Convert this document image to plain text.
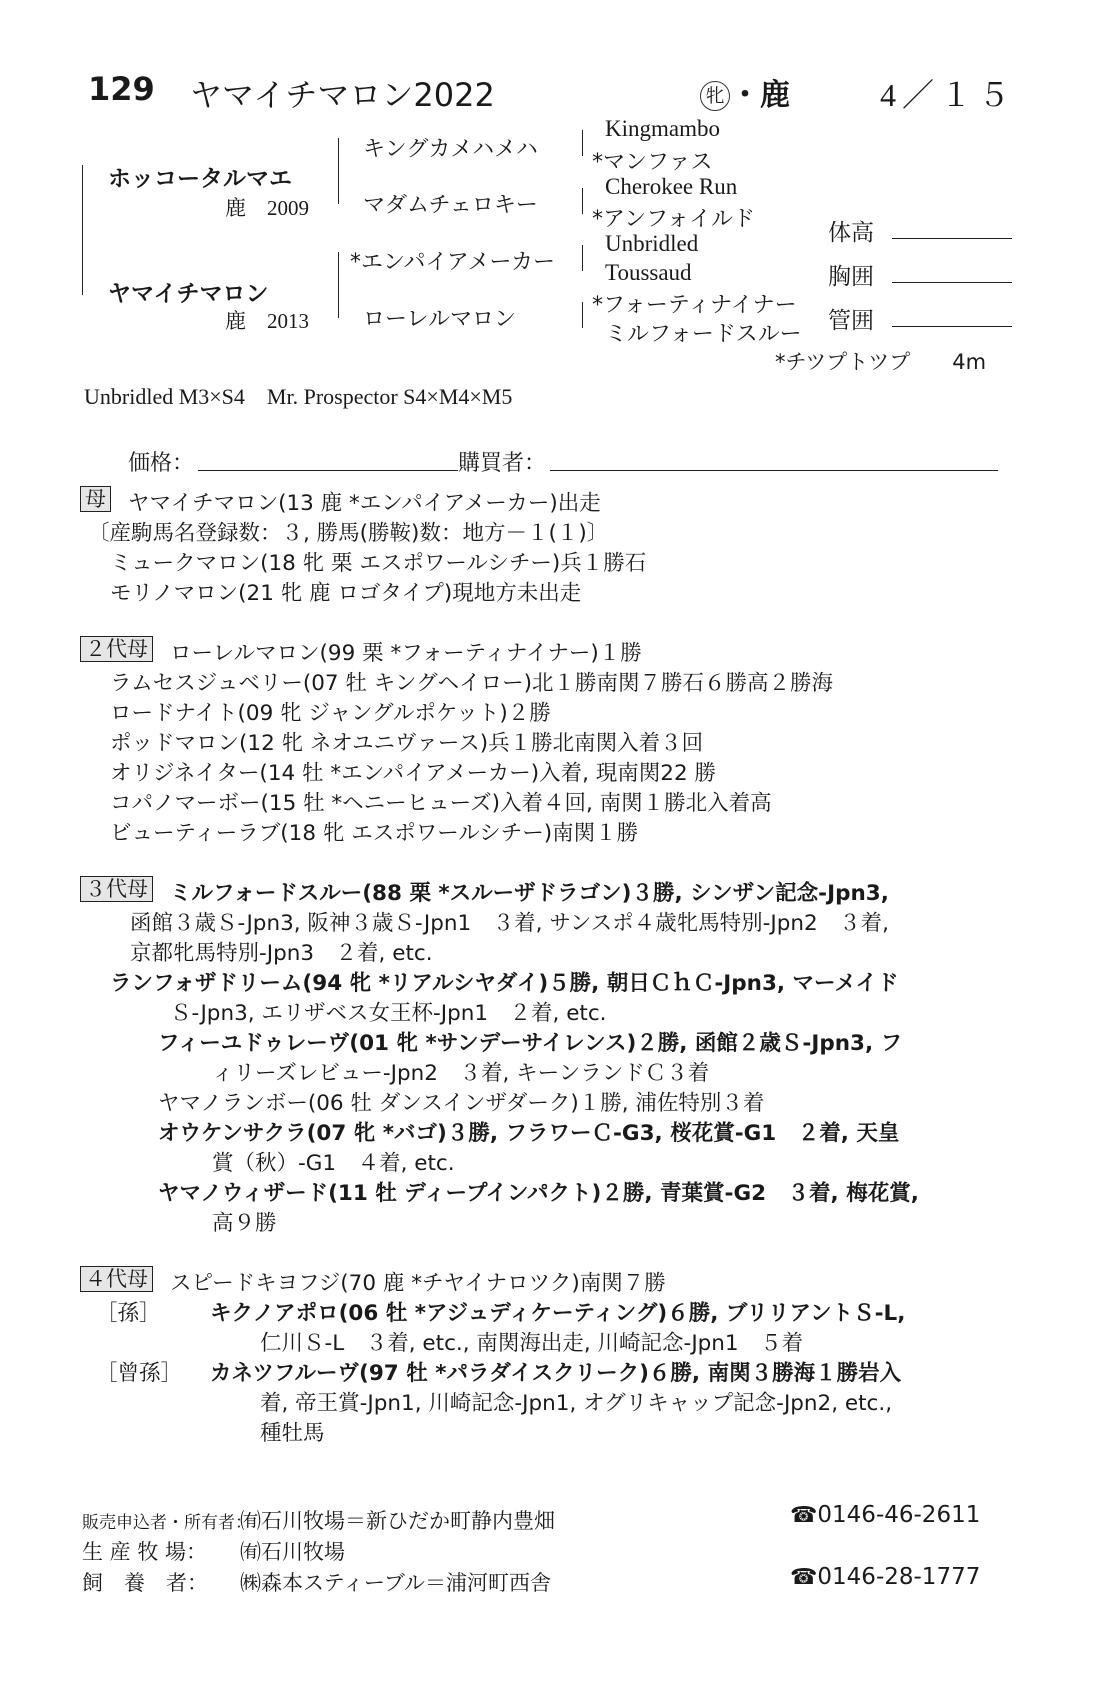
129 ヤマイチマロン2022	牝 ・鹿	4／１５
ホッコータルマエ
鹿 2009
ヤマイチマロン
鹿 2013
キングカメハメハ
マダムチェロキー
*エンパイアメーカー
ローレルマロン
Kingmambo
*マンファス
Cherokee Run
*アンフォイルド
Unbridled
Toussaud
*フォーティナイナー
ミルフォードスルー
*チツプトツプ　　4m
体高
胸囲
管囲
Unbridled M3×S4　Mr. Prospector S4×M4×M5
価格：	購買者：
母 ヤマイチマロン(13 鹿 *エンパイアメーカー)出走
〔産駒馬名登録数：３, 勝馬(勝鞍)数：地方－１(１)〕
ミュークマロン(18 牝 栗 エスポワールシチー)兵１勝石
モリノマロン(21 牝 鹿 ロゴタイプ)現地方未出走
２代母 ローレルマロン(99 栗 *フォーティナイナー)１勝
ラムセスジュベリー(07 牡 キングヘイロー)北１勝南関７勝石６勝高２勝海
ロードナイト(09 牝 ジャングルポケット)２勝
ポッドマロン(12 牝 ネオユニヴァース)兵１勝北南関入着３回
オリジネイター(14 牡 *エンパイアメーカー)入着, 現南関22 勝
コパノマーボー(15 牡 *ヘニーヒューズ)入着４回, 南関１勝北入着高
ビューティーラブ(18 牝 エスポワールシチー)南関１勝
３代母 ミルフォードスルー(88 栗 *スルーザドラゴン)３勝, シンザン記念-Jpn3,
函館３歳Ｓ-Jpn3, 阪神３歳Ｓ-Jpn1　３着, サンスポ４歳牝馬特別-Jpn2　３着,
京都牝馬特別-Jpn3　２着, etc.
ランフォザドリーム(94 牝 *リアルシヤダイ)５勝, 朝日ＣｈＣ-Jpn3, マーメイド
Ｓ-Jpn3, エリザベス女王杯-Jpn1　２着, etc.
フィーユドゥレーヴ(01 牝 *サンデーサイレンス)２勝, 函館２歳Ｓ-Jpn3, フ
ィリーズレビュー-Jpn2　３着, キーンランドＣ３着
ヤマノランボー(06 牡 ダンスインザダーク)１勝, 浦佐特別３着
オウケンサクラ(07 牝 *バゴ)３勝, フラワーＣ-G3, 桜花賞-G1　２着, 天皇
賞（秋）-G1　４着, etc.
ヤマノウィザード(11 牡 ディープインパクト)２勝, 青葉賞-G2　３着, 梅花賞,
高９勝
４代母 スピードキヨフジ(70 鹿 *チヤイナロツク)南関７勝
［孫］ キクノアポロ(06 牡 *アジュディケーティング)６勝, ブリリアントＳ-L,
仁川Ｓ-L　３着, etc., 南関海出走, 川崎記念-Jpn1　５着
［曾孫］ カネツフルーヴ(97 牡 *パラダイスクリーク)６勝, 南関３勝海１勝岩入
着, 帝王賞-Jpn1, 川崎記念-Jpn1, オグリキャップ記念-Jpn2, etc.,
種牡馬
販売申込者・所有者：
㈲石川牧場＝新ひだか町静内豊畑	☎0146-46-2611
生 産 牧 場： ㈲石川牧場
飼　養　者： ㈱森本スティーブル＝浦河町西舎	☎0146-28-1777
